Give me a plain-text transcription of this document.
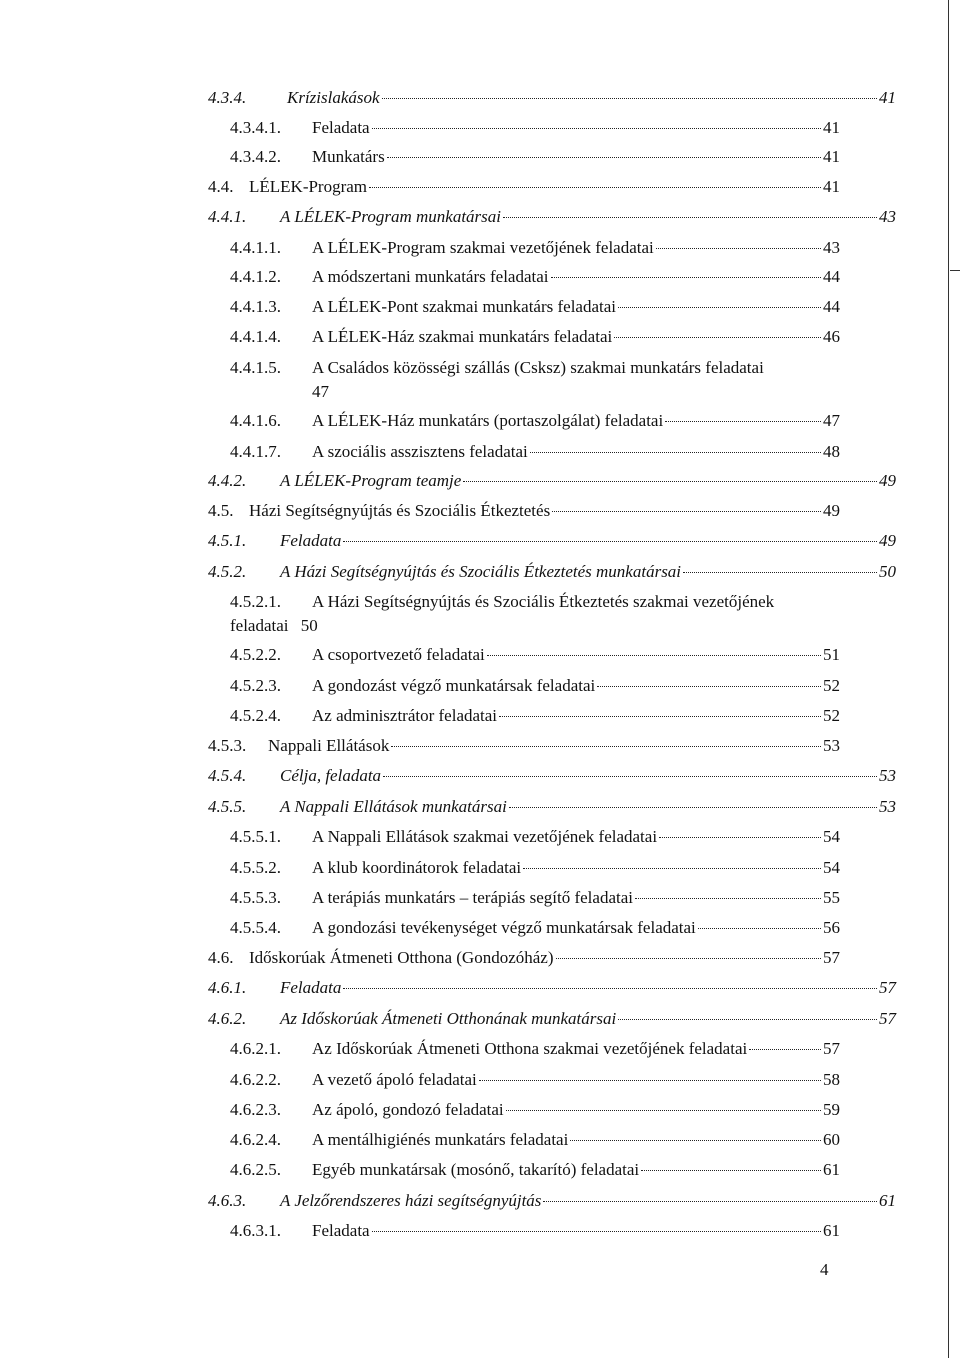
4.3.4.	Krízislakások	41
4.3.4.1.	Feladata	41
4.3.4.2.	Munkatárs	41
4.4. LÉLEK-Program	41
4.4.1.	A LÉLEK-Program munkatársai	43
4.4.1.1.	A LÉLEK-Program szakmai vezetőjének feladatai	43
4.4.1.2.	A módszertani munkatárs feladatai	44
4.4.1.3.	A LÉLEK-Pont szakmai munkatárs feladatai	44
4.4.1.4.	A LÉLEK-Ház szakmai munkatárs feladatai	46
4.4.1.5.	A Családos közösségi szállás (Csksz) szakmai munkatárs feladatai
47
4.4.1.6.	A LÉLEK-Ház munkatárs (portaszolgálat) feladatai	47
4.4.1.7.	A szociális asszisztens feladatai	48
4.4.2.	A LÉLEK-Program teamje	49
4.5. Házi Segítségnyújtás és Szociális Étkeztetés	49
4.5.1.	Feladata	49
4.5.2.	A Házi Segítségnyújtás és Szociális Étkeztetés munkatársai	50
4.5.2.1.	A Házi Segítségnyújtás és Szociális Étkeztetés szakmai vezetőjének
feladatai 50
4.5.2.2.	A csoportvezető feladatai	51
4.5.2.3.	A gondozást végző munkatársak feladatai	52
4.5.2.4.	Az adminisztrátor feladatai	52
4.5.3.	Nappali Ellátások	53
4.5.4.	Célja, feladata	53
4.5.5.	A Nappali Ellátások munkatársai	53
4.5.5.1.	A Nappali Ellátások szakmai vezetőjének feladatai	54
4.5.5.2.	A klub koordinátorok feladatai	54
4.5.5.3.	A terápiás munkatárs – terápiás segítő feladatai	55
4.5.5.4.	A gondozási tevékenységet végző munkatársak feladatai	56
4.6. Időskorúak Átmeneti Otthona (Gondozóház)	57
4.6.1.	Feladata	57
4.6.2.	Az Időskorúak Átmeneti Otthonának munkatársai	57
4.6.2.1.	Az Időskorúak Átmeneti Otthona szakmai vezetőjének feladatai	57
4.6.2.2.	A vezető ápoló feladatai	58
4.6.2.3.	Az ápoló, gondozó feladatai	59
4.6.2.4.	A mentálhigiénés munkatárs feladatai	60
4.6.2.5.	Egyéb munkatársak (mosónő, takarító) feladatai	61
4.6.3.	A Jelzőrendszeres házi segítségnyújtás	61
4.6.3.1.	Feladata	61
4
